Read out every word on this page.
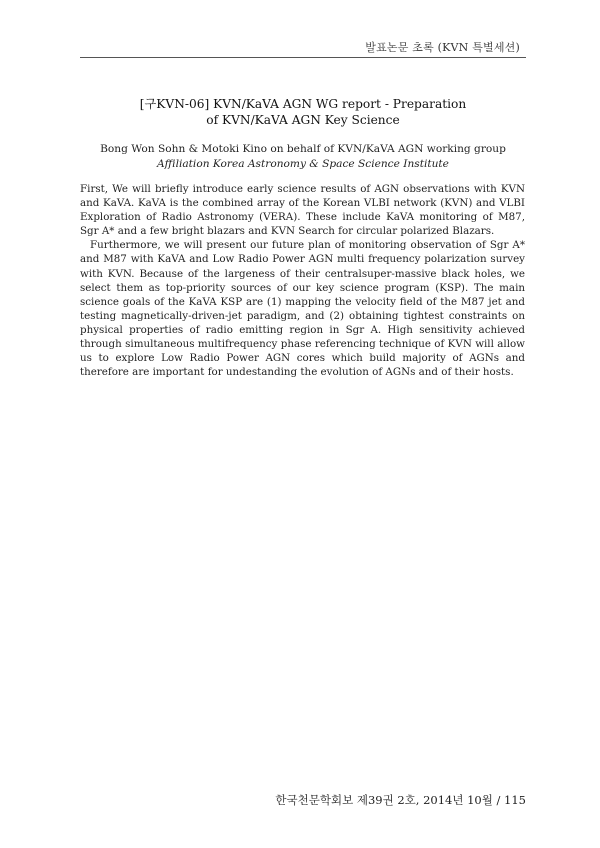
발표논문 초록 (KVN 특별세션)
[구KVN-06] KVN/KaVA AGN WG report - Preparation
of KVN/KaVA AGN Key Science
Bong Won Sohn & Motoki Kino on behalf of KVN/KaVA AGN working group
Affiliation Korea Astronomy & Space Science Institute

First, We will briefly introduce early science results of AGN observations with KVN and KaVA. KaVA is the combined array of the Korean VLBI network (KVN) and VLBI Exploration of Radio Astronomy (VERA). These include KaVA monitoring of M87, Sgr A* and a few bright blazars and KVN Search for circular polarized Blazars.

Furthermore, we will present our future plan of monitoring observation of Sgr A* and M87 with KaVA and Low Radio Power AGN multi frequency polarization survey with KVN. Because of the largeness of their centralsuper-massive black holes, we select them as top-priority sources of our key science program (KSP). The main science goals of the KaVA KSP are (1) mapping the velocity field of the M87 jet and testing magnetically-driven-jet paradigm, and (2) obtaining tightest constraints on physical properties of radio emitting region in Sgr A. High sensitivity achieved through simultaneous multifrequency phase referencing technique of KVN will allow us to explore Low Radio Power AGN cores which build majority of AGNs and therefore are important for undestanding the evolution of AGNs and of their hosts.

한국천문학회보 제39권 2호, 2014년 10월 / 115
